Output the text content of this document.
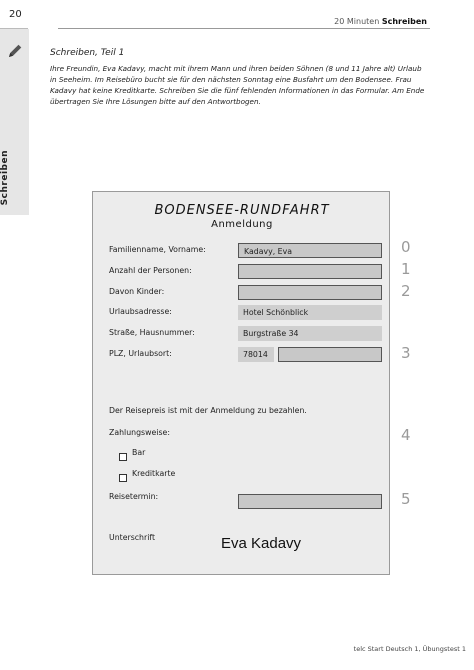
20
20 Minuten Schreiben
Schreiben
Schreiben, Teil 1
Ihre Freundin, Eva Kadavy, macht mit ihrem Mann und ihren beiden Söhnen (8 und 11 Jahre alt) Urlaub in Seeheim. Im Reisebüro bucht sie für den nächsten Sonntag eine Busfahrt um den Bodensee. Frau Kadavy hat keine Kreditkarte. Schreiben Sie die fünf fehlenden Informationen in das Formular. Am Ende übertragen Sie Ihre Lösungen bitte auf den Antwortbogen.
BODENSEE-RUNDFAHRT
Anmeldung
Familienname, Vorname:	Kadavy, Eva
Anzahl der Personen:
Davon Kinder:
Urlaubsadresse:	Hotel Schönblick
Straße, Hausnummer:	Burgstraße 34
PLZ, Urlaubsort:	78014
Der Reisepreis ist mit der Anmeldung zu bezahlen.
Zahlungsweise:
Bar
Kreditkarte
Reisetermin:
Unterschrift	Eva Kadavy
0
1
2
3
4
5
telc Start Deutsch 1, Übungstest 1
